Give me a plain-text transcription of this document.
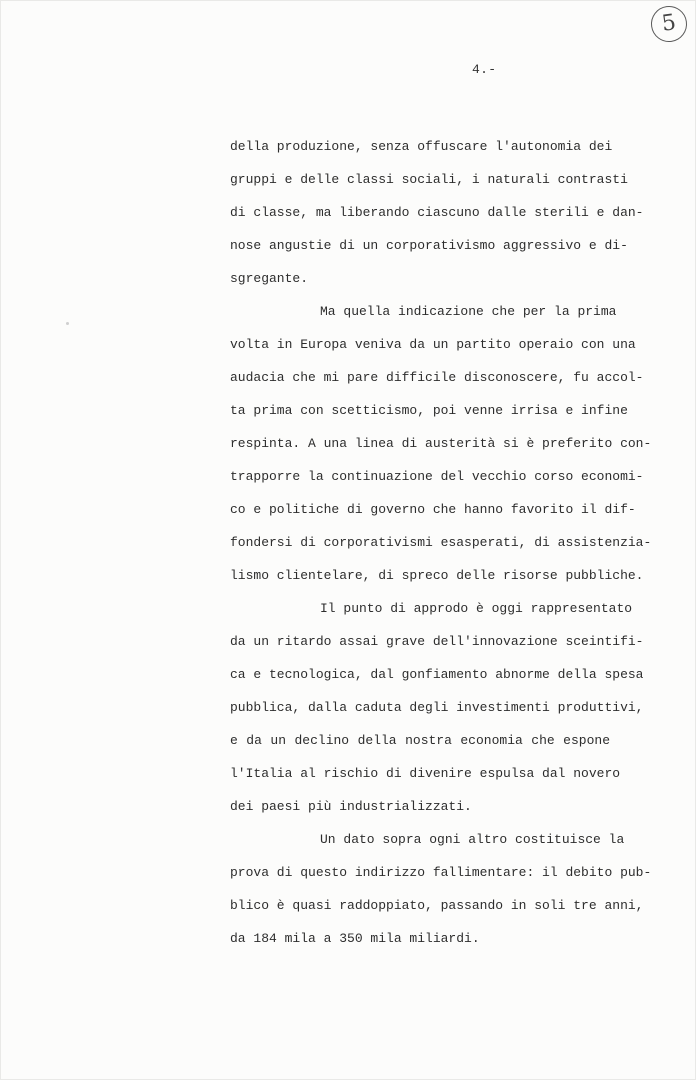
5
4.-
della produzione, senza offuscare l'autonomia dei
gruppi e delle classi sociali, i naturali contrasti
di classe, ma liberando ciascuno dalle sterili e dan-
nose angustie di un corporativismo aggressivo e di-
sgregante.
Ma quella indicazione che per la prima
volta in Europa veniva da un partito operaio con una
audacia che mi pare difficile disconoscere, fu accol-
ta prima con scetticismo, poi venne irrisa e infine
respinta. A una linea di austerità si è preferito con-
trapporre la continuazione del vecchio corso economi-
co e politiche di governo che hanno favorito il dif-
fondersi di corporativismi esasperati, di assistenzia-
lismo clientelare, di spreco delle risorse pubbliche.
Il punto di approdo è oggi rappresentato
da un ritardo assai grave dell'innovazione sceintifi-
ca e tecnologica, dal gonfiamento abnorme della spesa
pubblica, dalla caduta degli investimenti produttivi,
e da un declino della nostra economia che espone
l'Italia al rischio di divenire espulsa dal novero
dei paesi più industrializzati.
Un dato sopra ogni altro costituisce la
prova di questo indirizzo fallimentare: il debito pub-
blico è quasi raddoppiato, passando in soli tre anni,
da 184 mila a 350 mila miliardi.
